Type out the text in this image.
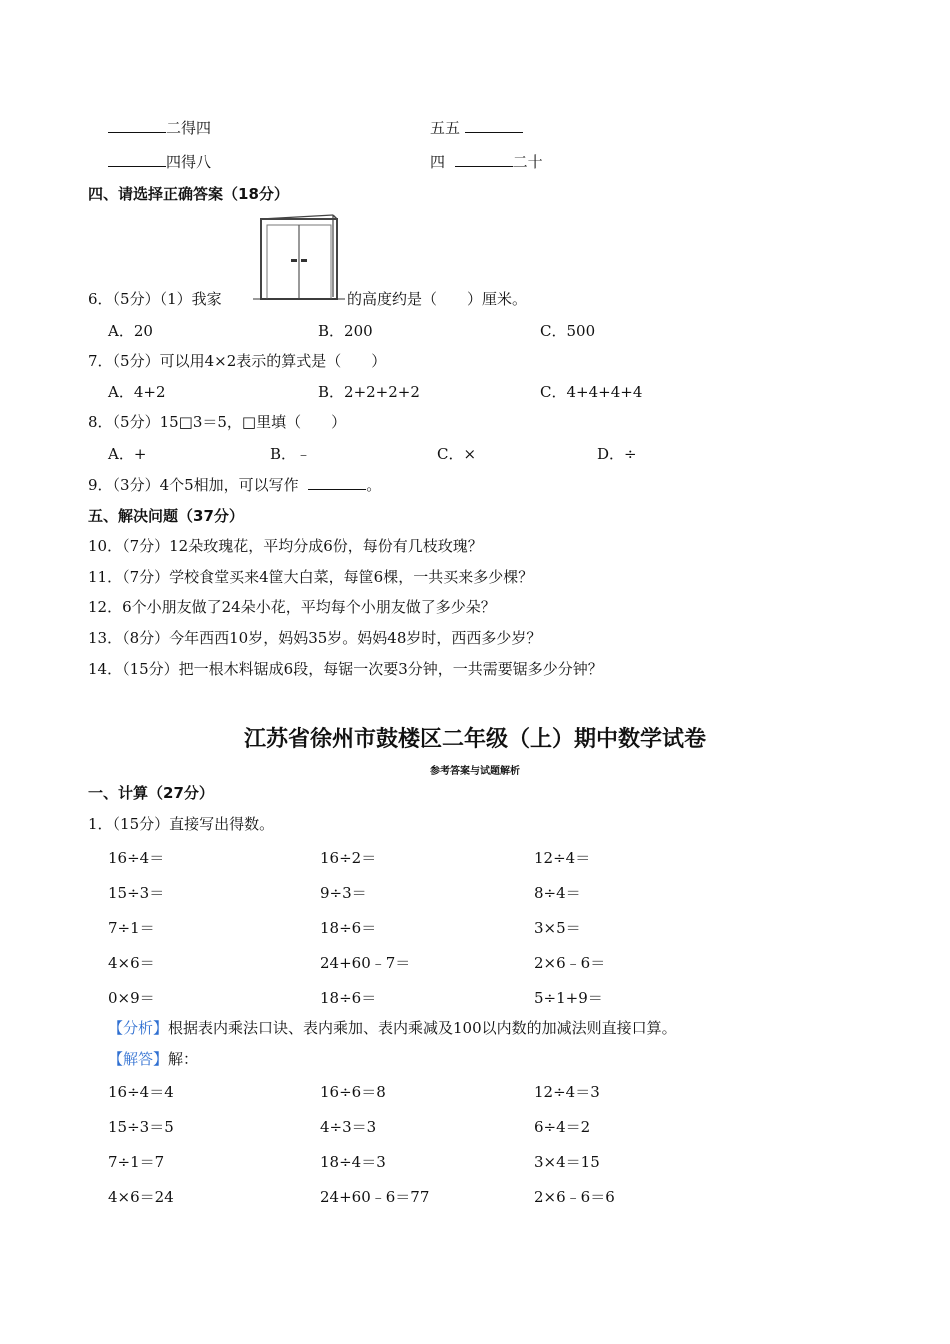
二得四	五五
四得八	四	二十
四、请选择正确答案（18分）
6．（5分）（1）我家	的高度约是（　　）厘米。
A．20	B．200	C．500
7．（5分）可以用4×2表示的算式是（　　）
A．4+2	B．2+2+2+2	C．4+4+4+4
8．（5分）15□3＝5，□里填（　　）
A．+	B．﹣	C．×	D．÷
9．（3分）4个5相加，可以写作	。
五、解决问题（37分）
10．（7分）12朵玫瑰花，平均分成6份，每份有几枝玫瑰？
11．（7分）学校食堂买来4筐大白菜，每筐6棵，一共买来多少棵？
12．6个小朋友做了24朵小花，平均每个小朋友做了多少朵？
13．（8分）今年西西10岁，妈妈35岁。妈妈48岁时，西西多少岁？
14．（15分）把一根木料锯成6段，每锯一次要3分钟，一共需要锯多少分钟？
江苏省徐州市鼓楼区二年级（上）期中数学试卷
参考答案与试题解析
一、计算（27分）
1．（15分）直接写出得数。
16÷4＝	16÷2＝	12÷4＝
15÷3＝	9÷3＝	8÷4＝
7÷1＝	18÷6＝	3×5＝
4×6＝	24+60﹣7＝	2×6﹣6＝
0×9＝	18÷6＝	5÷1+9＝
【分析】根据表内乘法口诀、表内乘加、表内乘减及100以内数的加减法则直接口算。
【解答】解：
16÷4＝4	16÷6＝8	12÷4＝3
15÷3＝5	4÷3＝3	6÷4＝2
7÷1＝7	18÷4＝3	3×4＝15
4×6＝24	24+60﹣6＝77	2×6﹣6＝6
